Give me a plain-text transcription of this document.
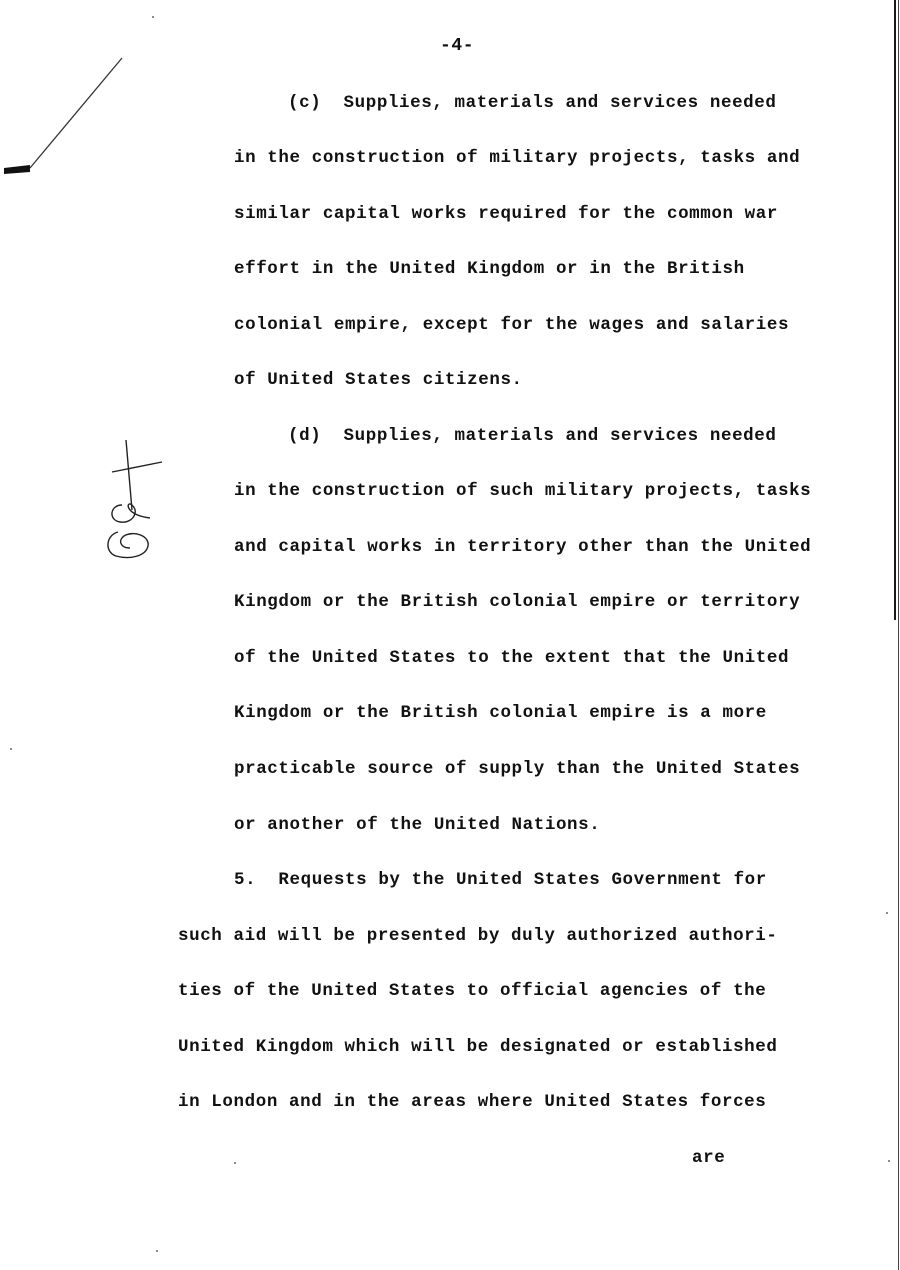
-4-
(c)  Supplies, materials and services needed
in the construction of military projects, tasks and
similar capital works required for the common war
effort in the United Kingdom or in the British
colonial empire, except for the wages and salaries
of United States citizens.
(d)  Supplies, materials and services needed
in the construction of such military projects, tasks
and capital works in territory other than the United
Kingdom or the British colonial empire or territory
of the United States to the extent that the United
Kingdom or the British colonial empire is a more
practicable source of supply than the United States
or another of the United Nations.
5.  Requests by the United States Government for
such aid will be presented by duly authorized authori-
ties of the United States to official agencies of the
United Kingdom which will be designated or established
in London and in the areas where United States forces
are
